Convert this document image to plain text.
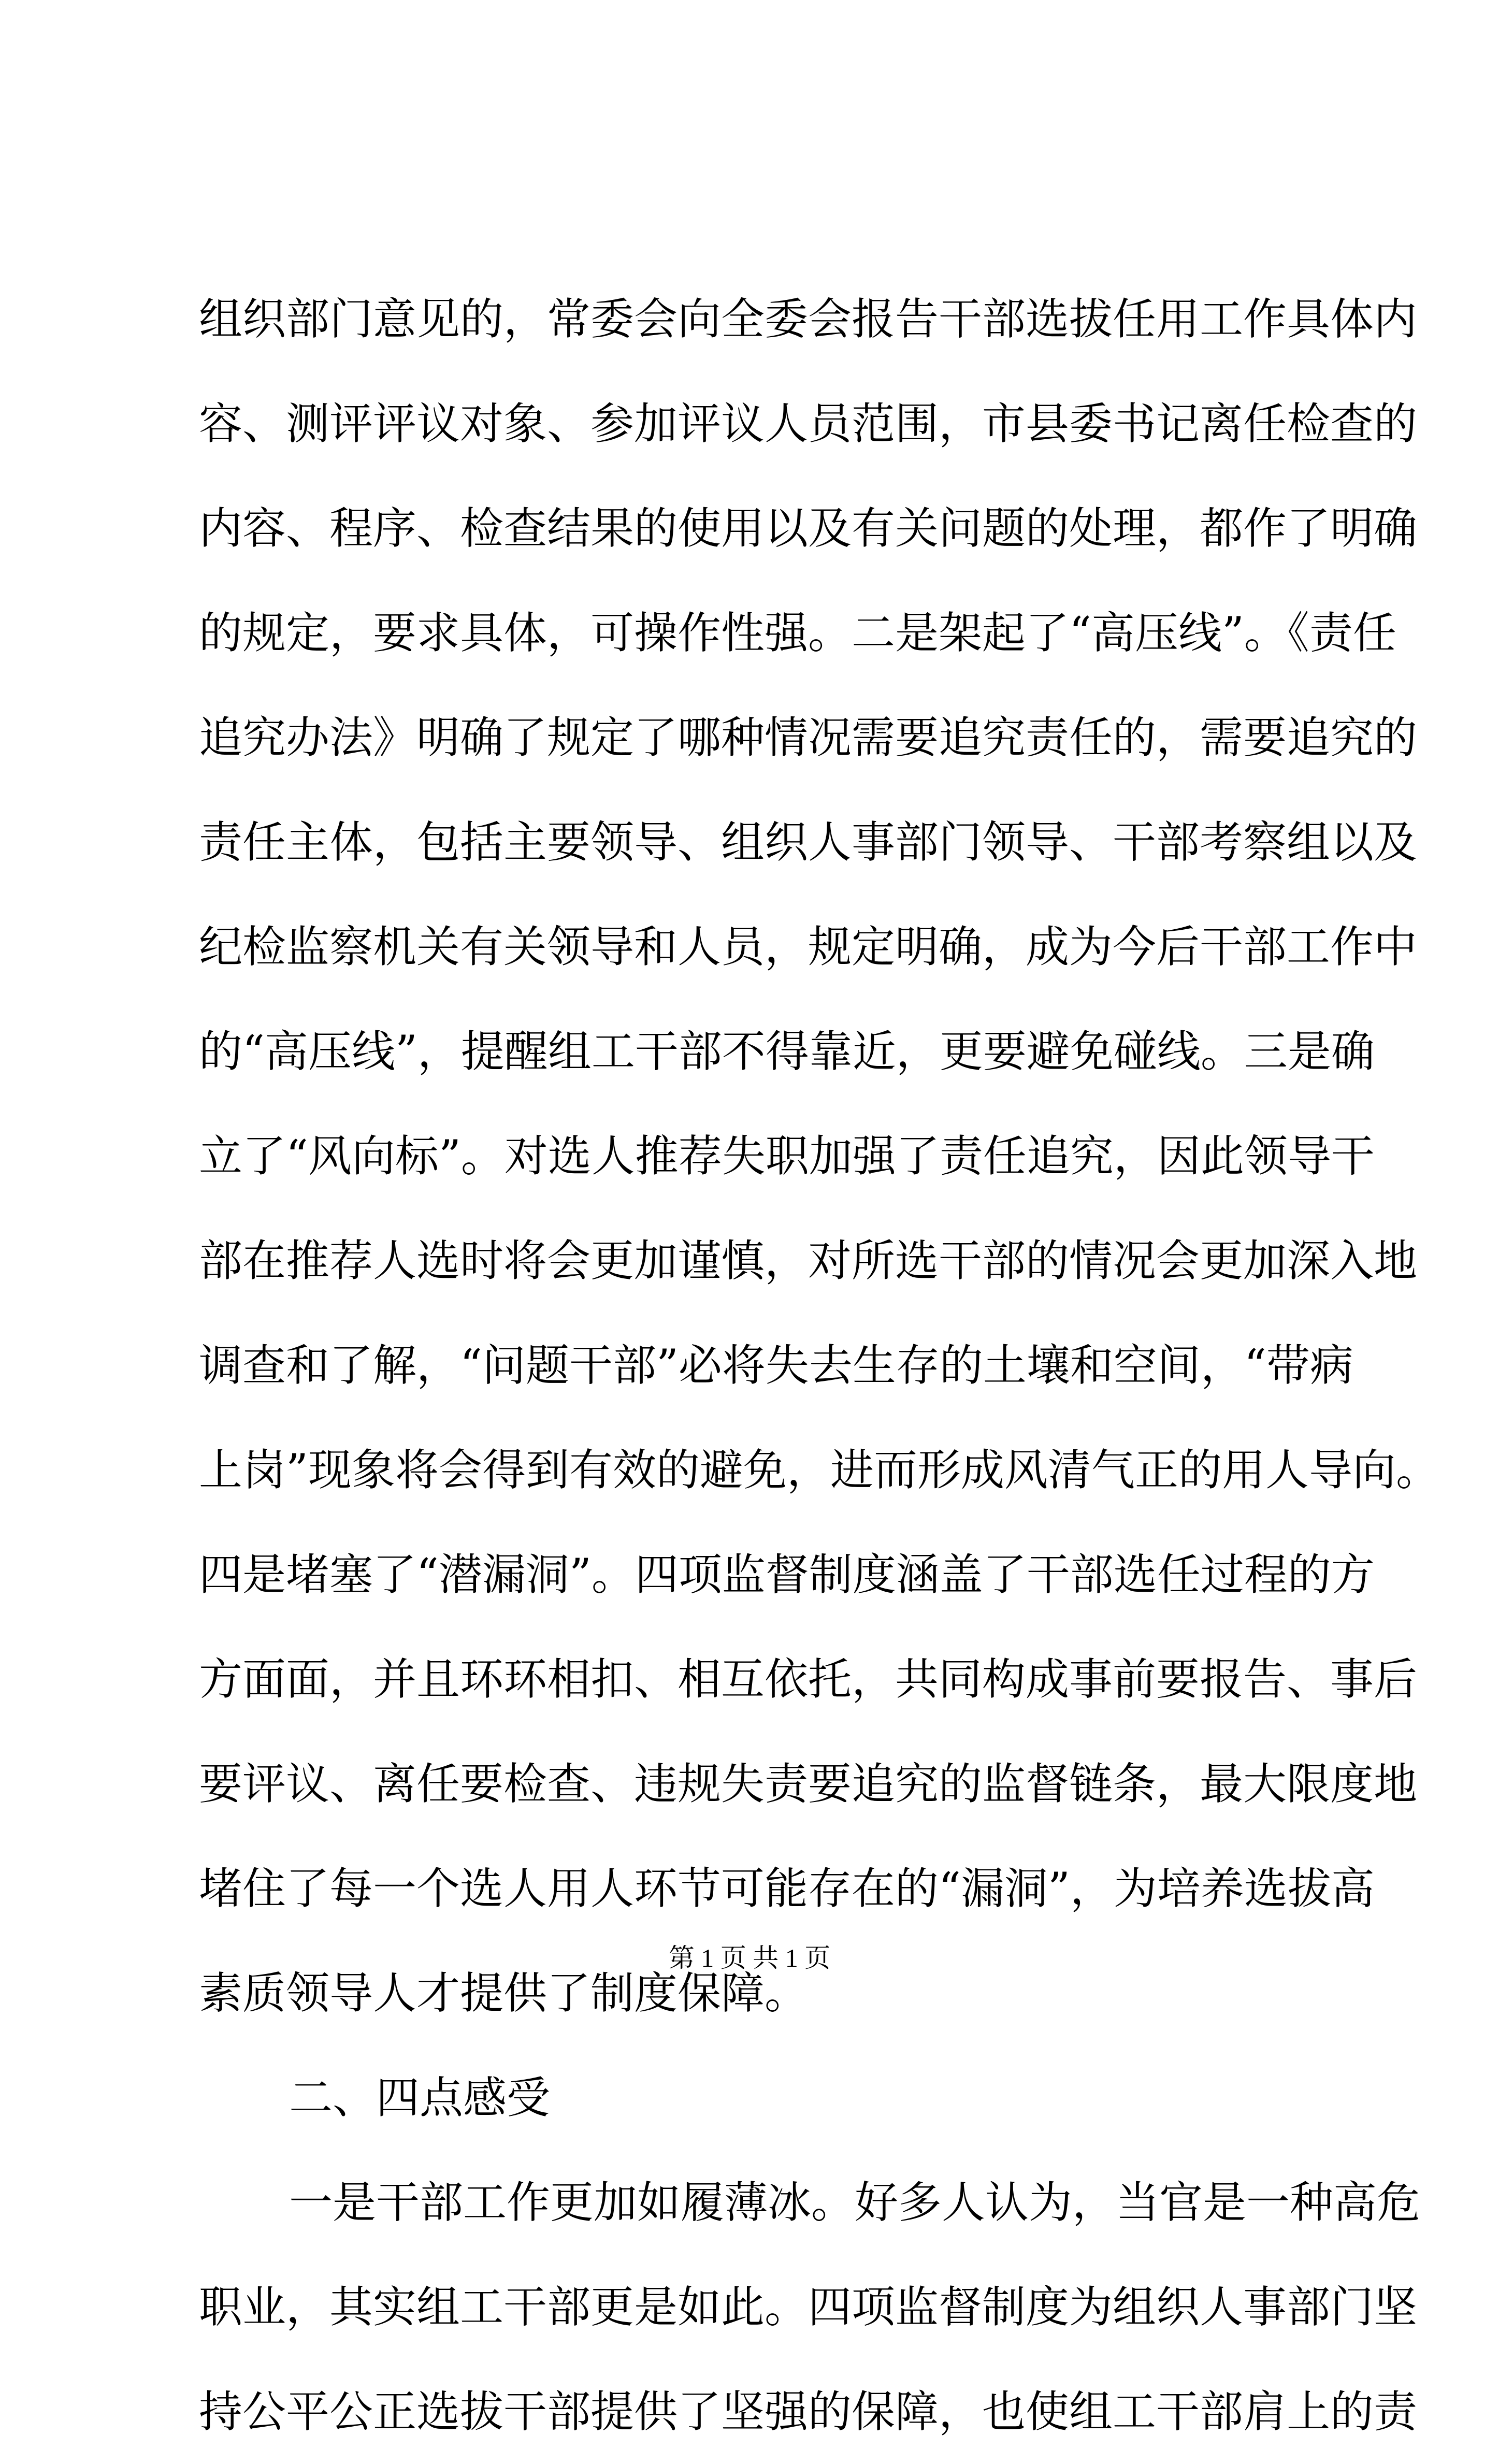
组织部门意见的，常委会向全委会报告干部选拔任用工作具体内
容、测评评议对象、参加评议人员范围，市县委书记离任检查的
内容、程序、检查结果的使用以及有关问题的处理，都作了明确
的规定，要求具体，可操作性强。二是架起了“高压线”。《责任
追究办法》明确了规定了哪种情况需要追究责任的，需要追究的
责任主体，包括主要领导、组织人事部门领导、干部考察组以及
纪检监察机关有关领导和人员，规定明确，成为今后干部工作中
的“高压线”，提醒组工干部不得靠近，更要避免碰线。三是确
立了“风向标”。对选人推荐失职加强了责任追究，因此领导干
部在推荐人选时将会更加谨慎，对所选干部的情况会更加深入地
调查和了解，“问题干部”必将失去生存的土壤和空间，“带病
上岗”现象将会得到有效的避免，进而形成风清气正的用人导向。
四是堵塞了“潜漏洞”。四项监督制度涵盖了干部选任过程的方
方面面，并且环环相扣、相互依托，共同构成事前要报告、事后
要评议、离任要检查、违规失责要追究的监督链条，最大限度地
堵住了每一个选人用人环节可能存在的“漏洞”，为培养选拔高
素质领导人才提供了制度保障。
二、四点感受
一是干部工作更加如履薄冰。好多人认为，当官是一种高危
职业，其实组工干部更是如此。四项监督制度为组织人事部门坚
持公平公正选拔干部提供了坚强的保障，也使组工干部肩上的责
第 1 页 共 1 页
